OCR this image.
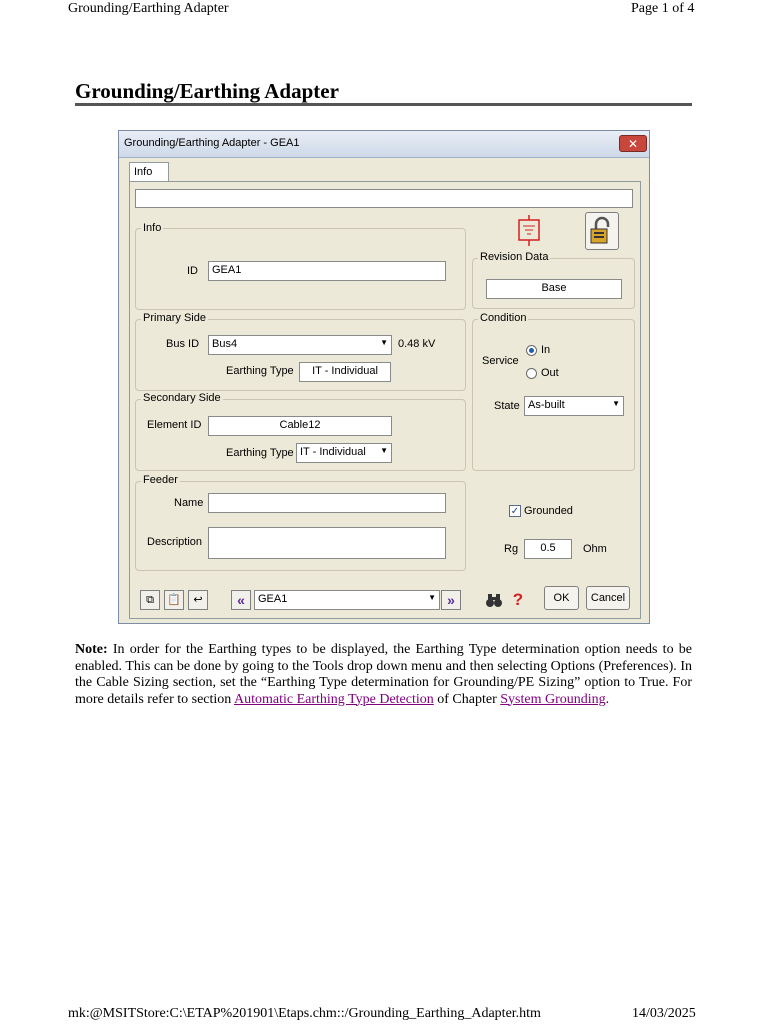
Grounding/Earthing Adapter	Page 1 of 4
Grounding/Earthing Adapter
Grounding/Earthing Adapter - GEA1	✕
Info
Info
ID	GEA1
Revision Data
Base
Primary Side
Bus ID	Bus4	▼ 0.48 kV
Earthing Type	IT - Individual
Condition
Service
In
Out
State As-built	▼
Secondary Side
Element ID	Cable12
Earthing Type IT - Individual ▼
Feeder
Name
Description
✓ Grounded
Rg	0.5	Ohm
⧉	📋	↩	«	GEA1	▼ »	?	OK	Cancel
Note: In order for the Earthing types to be displayed, the Earthing Type determination option needs to be enabled. This can be done by going to the Tools drop down menu and then selecting Options (Preferences). In the Cable Sizing section, set the “Earthing Type determination for Grounding/PE Sizing” option to True. For more details refer to section Automatic Earthing Type Detection of Chapter System Grounding.
mk:@MSITStore:C:\ETAP%201901\Etaps.chm::/Grounding_Earthing_Adapter.htm	14/03/2025
